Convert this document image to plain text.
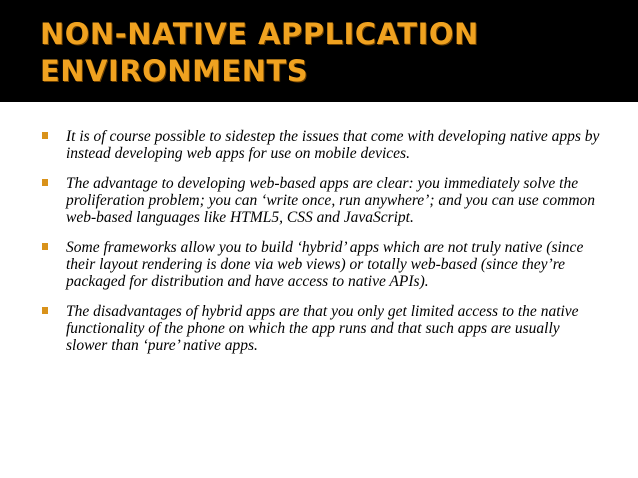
NON-NATIVE APPLICATION
ENVIRONMENTS
It is of course possible to sidestep the issues that come with developing native apps by instead developing web apps for use on mobile devices.
The advantage to developing web-based apps are clear: you immediately solve the proliferation problem; you can ‘write once, run anywhere’; and you can use common web-based languages like HTML5, CSS and JavaScript.
Some frameworks allow you to build ‘hybrid’ apps which are not truly native (since their layout rendering is done via web views) or totally web-based (since they’re packaged for distribution and have access to native APIs).
The disadvantages of hybrid apps are that you only get limited access to the native functionality of the phone on which the app runs and that such apps are usually slower than ‘pure’ native apps.
